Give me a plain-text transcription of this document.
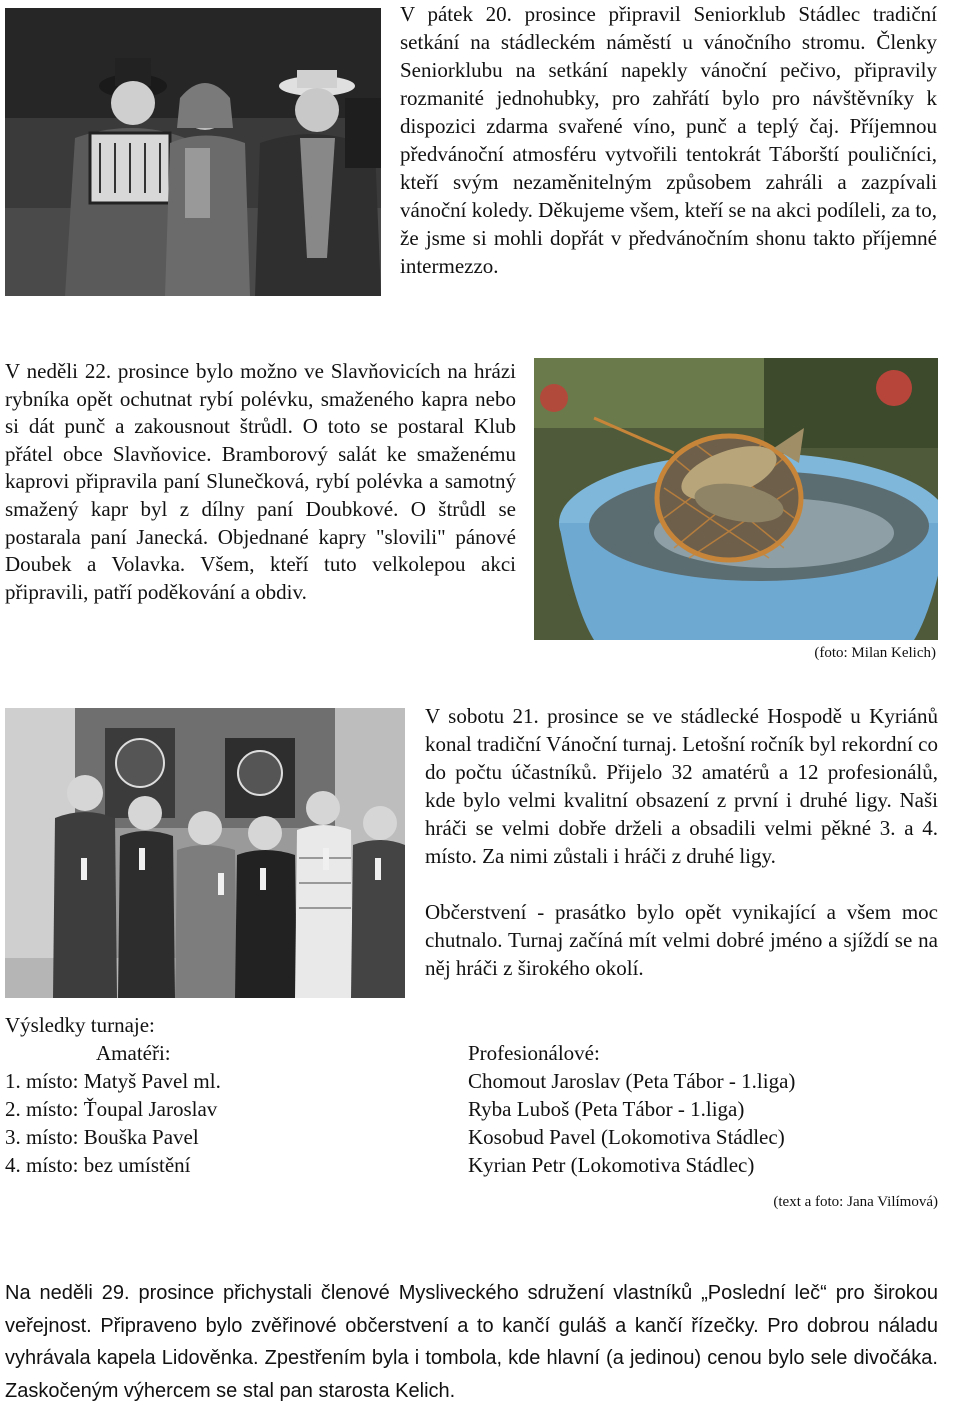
V pátek 20. prosince připravil Seniorklub Stádlec tradiční setkání na stádleckém náměstí u vánočního stromu. Členky Seniorklubu na setkání napekly vánoční pečivo, připravily rozmanité jednohubky, pro zahřátí bylo pro návštěvníky k dispozici zdarma svařené víno, punč a teplý čaj. Příjemnou předvánoční atmosféru vytvořili tentokrát Táborští pouličníci, kteří svým nezaměnitelným způsobem zahráli a zazpívali vánoční koledy. Děkujeme všem, kteří se na akci podíleli, za to, že jsme si mohli dopřát v předvánočním shonu takto příjemné intermezzo.
V neděli 22. prosince bylo možno ve Slavňovicích na hrázi rybníka opět ochutnat rybí polévku, smaženého kapra nebo si dát punč a zakousnout štrůdl. O toto se postaral Klub přátel obce Slavňovice. Bramborový salát ke smaženému kaprovi připravila paní Slunečková, rybí polévka a samotný smažený kapr byl z dílny paní Doubkové. O štrůdl se postarala paní Janecká. Objednané kapry "slovili" pánové Doubek a Volavka. Všem, kteří tuto velkolepou akci připravili, patří poděkování a obdiv.
(foto: Milan Kelich)
V sobotu 21. prosince se ve stádlecké Hospodě u Kyriánů konal tradiční Vánoční turnaj. Letošní ročník byl rekordní co do počtu účastníků. Přijelo 32 amatérů a 12 profesionálů, kde bylo velmi kvalitní obsazení z první i druhé ligy. Naši hráči se velmi dobře drželi a obsadili velmi pěkné 3. a 4. místo. Za nimi zůstali i hráči z druhé ligy.
Občerstvení - prasátko bylo opět vynikající a všem moc chutnalo. Turnaj začíná mít velmi dobré jméno a sjíždí se na něj hráči z širokého okolí.
Výsledky turnaje:
Amatéři:	Profesionálové:
1. místo: Matyš Pavel ml.
2. místo: Ťoupal Jaroslav
3. místo: Bouška Pavel
4. místo: bez umístění
Chomout Jaroslav (Peta Tábor - 1.liga)
Ryba Luboš (Peta Tábor - 1.liga)
Kosobud Pavel (Lokomotiva Stádlec)
Kyrian Petr (Lokomotiva Stádlec)
(text a foto: Jana Vilímová)
Na neděli 29. prosince přichystali členové Mysliveckého sdružení vlastníků „Poslední leč“ pro širokou veřejnost. Připraveno bylo zvěřinové občerstvení a to kančí guláš a kančí řízečky. Pro dobrou náladu vyhrávala kapela Lidověnka. Zpestřením byla i tombola, kde hlavní (a jedinou) cenou bylo sele divočáka. Zaskočeným výhercem se stal pan starosta Kelich.
